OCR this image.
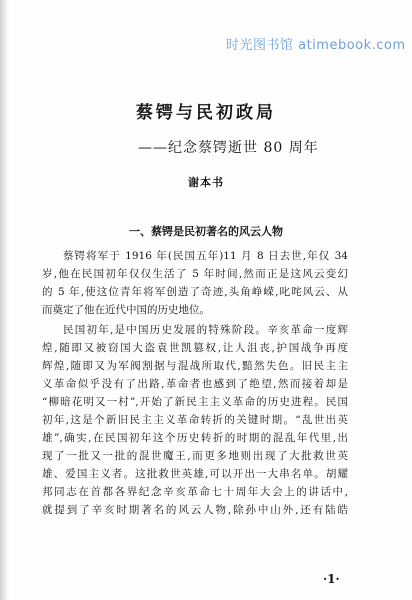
时光图书馆 atimebook.com
蔡锷与民初政局
——纪念蔡锷逝世 80 周年
谢本书
一、蔡锷是民初著名的风云人物
蔡锷将军于 1916 年(民国五年)11 月 8 日去世,年仅 34
岁,他在民国初年仅仅生活了 5 年时间,然而正是这风云变幻
的 5 年,使这位青年将军创造了奇迹,头角峥嵘,叱咤风云、从
而奠定了他在近代中国的历史地位。
民国初年,是中国历史发展的特殊阶段。辛亥革命一度辉
煌,随即又被窃国大盗袁世凯篡权,让人沮丧,护国战争再度
辉煌,随即又为军阀割据与混战所取代,黯然失色。旧民主主
义革命似乎没有了出路,革命者也感到了绝望,然而接着却是
“柳暗花明又一村”,开始了新民主主义革命的历史进程。民国
初年,这是个新旧民主主义革命转折的关键时期。“乱世出英
雄”,确实,在民国初年这个历史转折的时期的混乱年代里,出
现了一批又一批的混世魔王,而更多地则出现了大批救世英
雄、爱国主义者。这批救世英雄,可以开出一大串名单。胡耀
邦同志在首都各界纪念辛亥革命七十周年大会上的讲话中,
就提到了辛亥时期著名的风云人物,除孙中山外,还有陆皓
·1·
